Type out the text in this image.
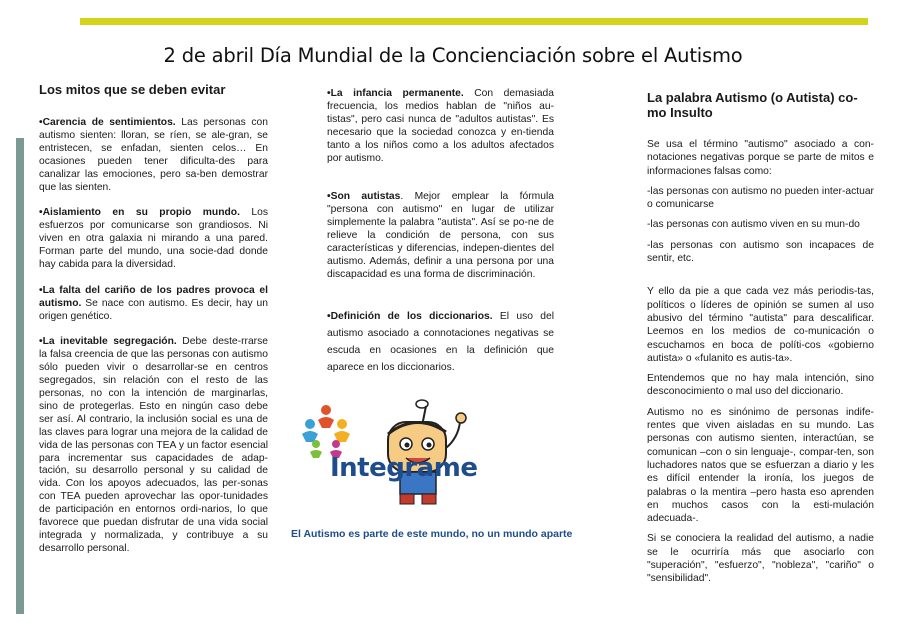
2 de abril Día Mundial de la Concienciación sobre el Autismo
Los mitos que se deben evitar

•Carencia de sentimientos. Las personas con autismo sienten: lloran, se ríen, se ale-gran, se entristecen, se enfadan, sienten celos… En ocasiones pueden tener dificulta-des para canalizar las emociones, pero sa-ben demostrar que las sienten.

•Aislamiento en su propio mundo. Los esfuerzos por comunicarse son grandiosos. Ni viven en otra galaxia ni mirando a una pared. Forman parte del mundo, una socie-dad donde hay cabida para la diversidad.

•La falta del cariño de los padres provoca el autismo. Se nace con autismo. Es decir, hay un origen genético.

•La inevitable segregación. Debe deste-rrarse la falsa creencia de que las personas con autismo sólo pueden vivir o desarrollar-se en centros segregados, sin relación con el resto de las personas, no con la intención de marginarlas, sino de protegerlas. Esto en ningún caso debe ser así. Al contrario, la inclusión social es una de las claves para lograr una mejora de la calidad de vida de las personas con TEA y un factor esencial para incrementar sus capacidades de adap-tación, su desarrollo personal y su calidad de vida. Con los apoyos adecuados, las per-sonas con TEA pueden aprovechar las opor-tunidades de participación en entornos ordi-narios, lo que favorece que puedan disfrutar de una vida social integrada y normalizada, y contribuye a su desarrollo personal.

•La infancia permanente. Con demasiada frecuencia, los medios hablan de "niños au-tistas", pero casi nunca de "adultos autistas". Es necesario que la sociedad conozca y en-tienda tanto a los niños como a los adultos afectados por autismo.

•Son autistas. Mejor emplear la fórmula "persona con autismo" en lugar de utilizar simplemente la palabra "autista". Así se po-ne de relieve la condición de persona, con sus características y diferencias, indepen-dientes del autismo. Además, definir a una persona por una discapacidad es una forma de discriminación.

•Definición de los diccionarios. El uso del autismo asociado a connotaciones negativas se escuda en ocasiones en la definición que aparece en los diccionarios.

Integrame
El Autismo es parte de este mundo, no un mundo aparte
La palabra Autismo (o Autista) co-mo Insulto

Se usa el término "autismo" asociado a con-notaciones negativas porque se parte de mitos e informaciones falsas como:

-las personas con autismo no pueden inter-actuar o comunicarse

-las personas con autismo viven en su mun-do

-las personas con autismo son incapaces de sentir, etc.

Y ello da pie a que cada vez más periodis-tas, políticos o líderes de opinión se sumen al uso abusivo del término "autista" para descalificar. Leemos en los medios de co-municación o escuchamos en boca de políti-cos «gobierno autista» o «fulanito es autis-ta».

Entendemos que no hay mala intención, sino desconocimiento o mal uso del diccionario.

Autismo no es sinónimo de personas indife-rentes que viven aisladas en su mundo. Las personas con autismo sienten, interactúan, se comunican –con o sin lenguaje-, compar-ten, son luchadores natos que se esfuerzan a diario y les es difícil entender la ironía, los juegos de palabras o la mentira –pero hasta eso aprenden en muchos casos con la esti-mulación adecuada-.

Si se conociera la realidad del autismo, a nadie se le ocurriría más que asociarlo con "superación", "esfuerzo", "nobleza", "cariño" o "sensibilidad".
